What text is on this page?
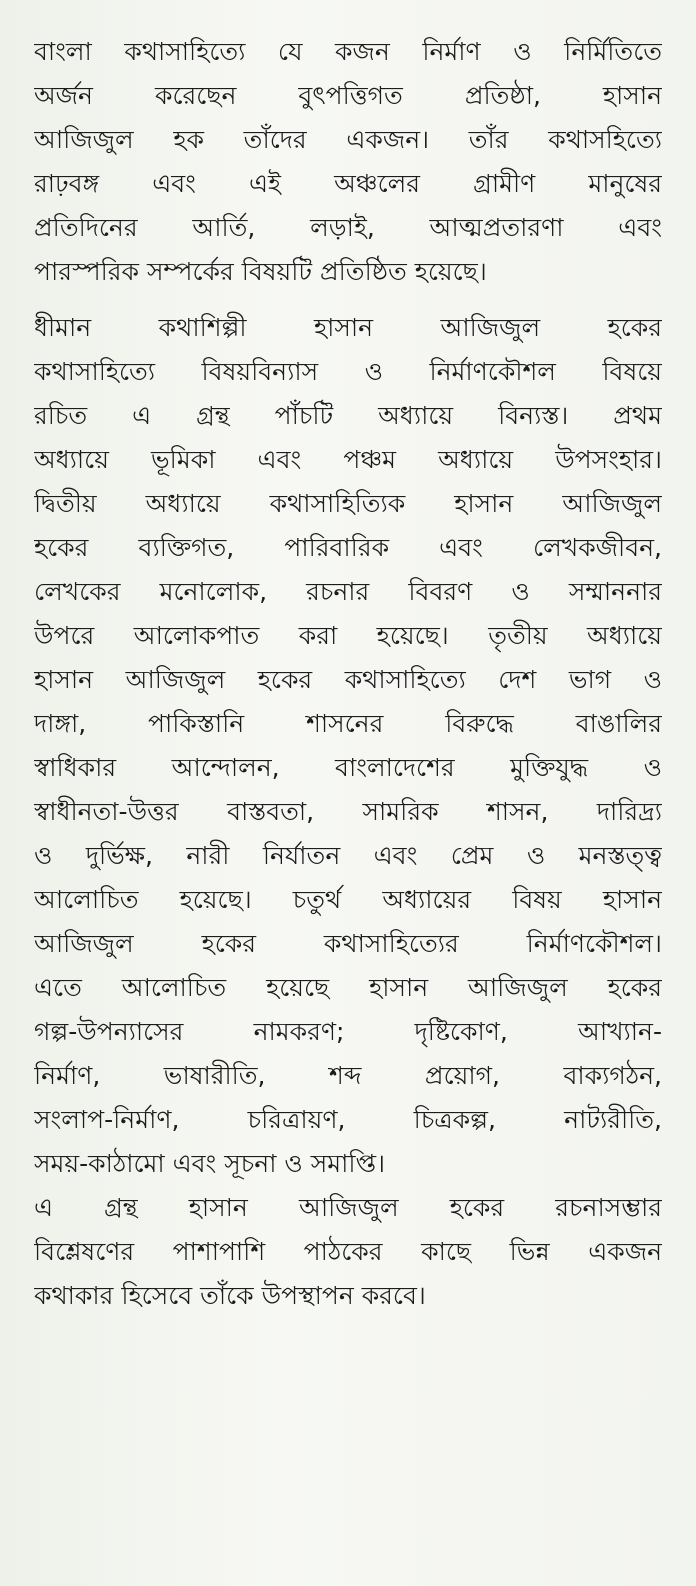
বাংলা কথাসাহিত্যে যে কজন নির্মাণ ও নির্মিতিতে
অর্জন করেছেন বুৎপত্তিগত প্রতিষ্ঠা, হাসান
আজিজুল হক তাঁদের একজন। তাঁর কথাসহিত্যে
রাঢ়বঙ্গ এবং এই অঞ্চলের গ্রামীণ মানুষের
প্রতিদিনের আর্তি, লড়াই, আত্মপ্রতারণা এবং
পারস্পরিক সম্পর্কের বিষয়টি প্রতিষ্ঠিত হয়েছে।

ধীমান কথাশিল্পী হাসান আজিজুল হকের
কথাসাহিত্যে বিষয়বিন্যাস ও নির্মাণকৌশল বিষয়ে
রচিত এ গ্রন্থ পাঁচটি অধ্যায়ে বিন্যস্ত। প্রথম
অধ্যায়ে ভূমিকা এবং পঞ্চম অধ্যায়ে উপসংহার।
দ্বিতীয় অধ্যায়ে কথাসাহিত্যিক হাসান আজিজুল
হকের ব্যক্তিগত, পারিবারিক এবং লেখকজীবন,
লেখকের মনোলোক, রচনার বিবরণ ও সম্মাননার
উপরে আলোকপাত করা হয়েছে। তৃতীয় অধ্যায়ে
হাসান আজিজুল হকের কথাসাহিত্যে দেশ ভাগ ও
দাঙ্গা, পাকিস্তানি শাসনের বিরুদ্ধে বাঙালির
স্বাধিকার আন্দোলন, বাংলাদেশের মুক্তিযুদ্ধ ও
স্বাধীনতা-উত্তর বাস্তবতা, সামরিক শাসন, দারিদ্র্য
ও দুর্ভিক্ষ, নারী নির্যাতন এবং প্রেম ও মনস্তত্ত্ব
আলোচিত হয়েছে। চতুর্থ অধ্যায়ের বিষয় হাসান
আজিজুল হকের কথাসাহিত্যের নির্মাণকৌশল।
এতে আলোচিত হয়েছে হাসান আজিজুল হকের
গল্প-উপন্যাসের নামকরণ; দৃষ্টিকোণ, আখ্যান-
নির্মাণ, ভাষারীতি, শব্দ প্রয়োগ, বাক্যগঠন,
সংলাপ-নির্মাণ, চরিত্রায়ণ, চিত্রকল্প, নাট্যরীতি,
সময়-কাঠামো এবং সূচনা ও সমাপ্তি।

এ গ্রন্থ হাসান আজিজুল হকের রচনাসম্ভার
বিশ্লেষণের পাশাপাশি পাঠকের কাছে ভিন্ন একজন
কথাকার হিসেবে তাঁকে উপস্থাপন করবে।
